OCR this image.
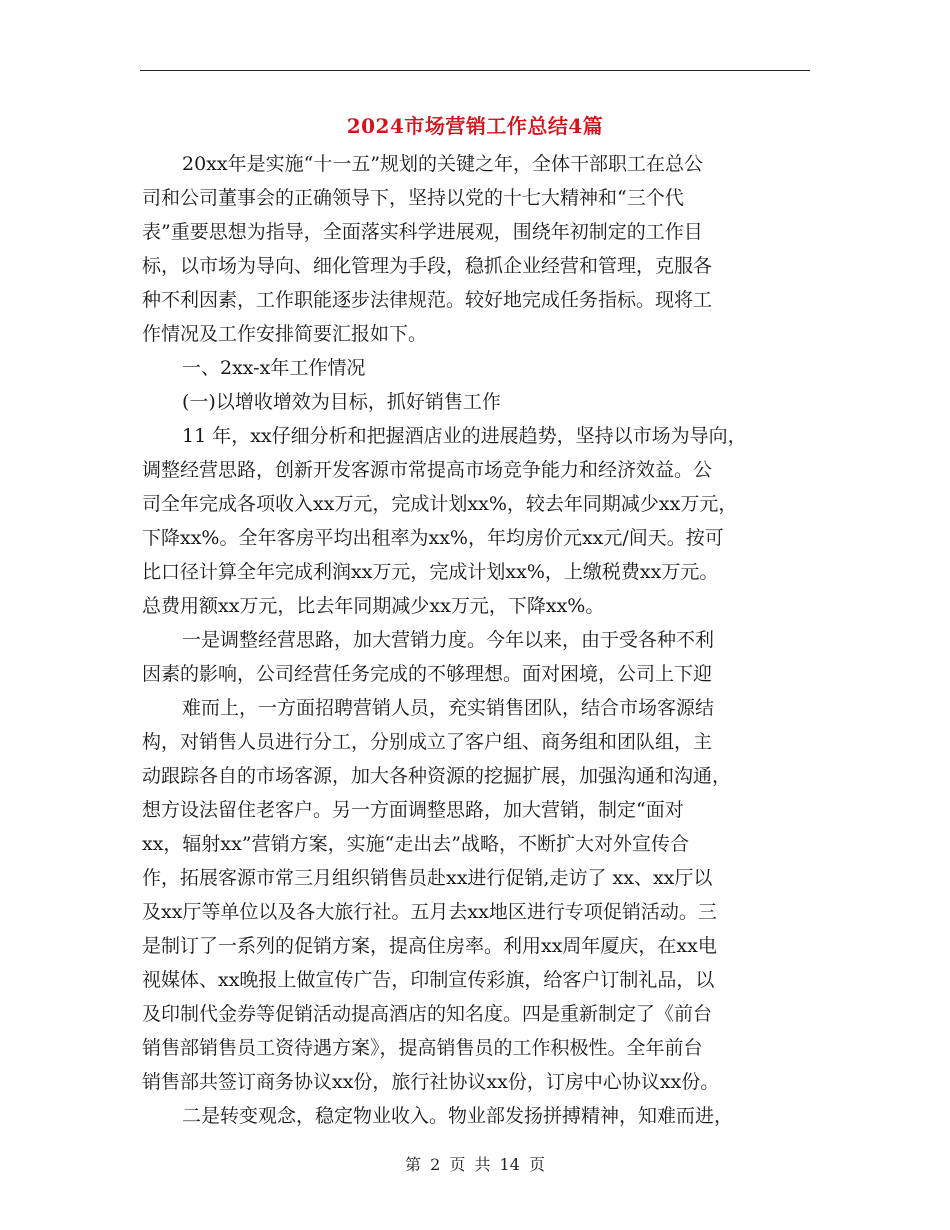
2024市场营销工作总结4篇
20xx年是实施“十一五”规划的关键之年，全体干部职工在总公
司和公司董事会的正确领导下，坚持以党的十七大精神和“三个代
表”重要思想为指导，全面落实科学进展观，围绕年初制定的工作目
标，以市场为导向、细化管理为手段，稳抓企业经营和管理，克服各
种不利因素，工作职能逐步法律规范。较好地完成任务指标。现将工
作情况及工作安排简要汇报如下。
一、2xx-x年工作情况
(一)以增收增效为目标，抓好销售工作
11 年，xx仔细分析和把握酒店业的进展趋势，坚持以市场为导向，
调整经营思路，创新开发客源市常提高市场竞争能力和经济效益。公
司全年完成各项收入xx万元，完成计划xx%，较去年同期减少xx万元，
下降xx%。全年客房平均出租率为xx%，年均房价元xx元/间天。按可
比口径计算全年完成利润xx万元，完成计划xx%，上缴税费xx万元。
总费用额xx万元，比去年同期减少xx万元，下降xx%。
一是调整经营思路，加大营销力度。今年以来，由于受各种不利
因素的影响，公司经营任务完成的不够理想。面对困境，公司上下迎
难而上，一方面招聘营销人员，充实销售团队，结合市场客源结
构，对销售人员进行分工，分别成立了客户组、商务组和团队组，主
动跟踪各自的市场客源，加大各种资源的挖掘扩展，加强沟通和沟通，
想方设法留住老客户。另一方面调整思路，加大营销，制定“面对
xx，辐射xx”营销方案，实施“走出去”战略，不断扩大对外宣传合
作，拓展客源市常三月组织销售员赴xx进行促销,走访了 xx、xx厅以
及xx厅等单位以及各大旅行社。五月去xx地区进行专项促销活动。三
是制订了一系列的促销方案，提高住房率。利用xx周年厦庆，在xx电
视媒体、xx晚报上做宣传广告，印制宣传彩旗，给客户订制礼品，以
及印制代金券等促销活动提高酒店的知名度。四是重新制定了《前台
销售部销售员工资待遇方案》，提高销售员的工作积极性。全年前台
销售部共签订商务协议xx份，旅行社协议xx份，订房中心协议xx份。
二是转变观念，稳定物业收入。物业部发扬拼搏精神，知难而进，
第 2 页 共 14 页
